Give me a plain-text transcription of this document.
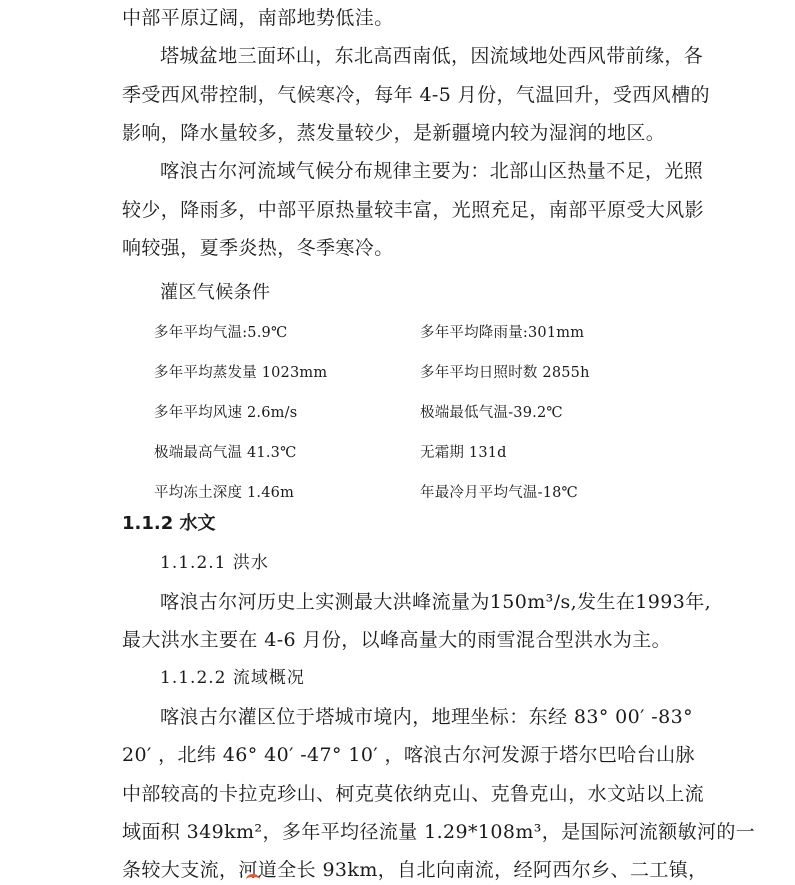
中部平原辽阔，南部地势低洼。
塔城盆地三面环山，东北高西南低，因流域地处西风带前缘，各
季受西风带控制，气候寒冷，每年 4-5 月份，气温回升，受西风槽的
影响，降水量较多，蒸发量较少，是新疆境内较为湿润的地区。
喀浪古尔河流域气候分布规律主要为：北部山区热量不足，光照
较少，降雨多，中部平原热量较丰富，光照充足，南部平原受大风影
响较强，夏季炎热，冬季寒冷。
灌区气候条件
多年平均气温:5.9℃	多年平均降雨量:301mm
多年平均蒸发量 1023mm	多年平均日照时数 2855h
多年平均风速 2.6m/s	极端最低气温-39.2℃
极端最高气温 41.3℃	无霜期 131d
平均冻土深度 1.46m	年最冷月平均气温-18℃
1.1.2 水文
1.1.2.1 洪水
喀浪古尔河历史上实测最大洪峰流量为150m³/s,发生在1993年,
最大洪水主要在 4-6 月份，以峰高量大的雨雪混合型洪水为主。
1.1.2.2 流域概况
喀浪古尔灌区位于塔城市境内，地理坐标：东经 83° 00′ -83°
20′ ，北纬 46° 40′ -47° 10′ ，喀浪古尔河发源于塔尔巴哈台山脉
中部较高的卡拉克珍山、柯克莫依纳克山、克鲁克山，水文站以上流
域面积 349km²，多年平均径流量 1.29*108m³，是国际河流额敏河的一
条较大支流，河道全长 93km，自北向南流，经阿西尔乡、二工镇，
